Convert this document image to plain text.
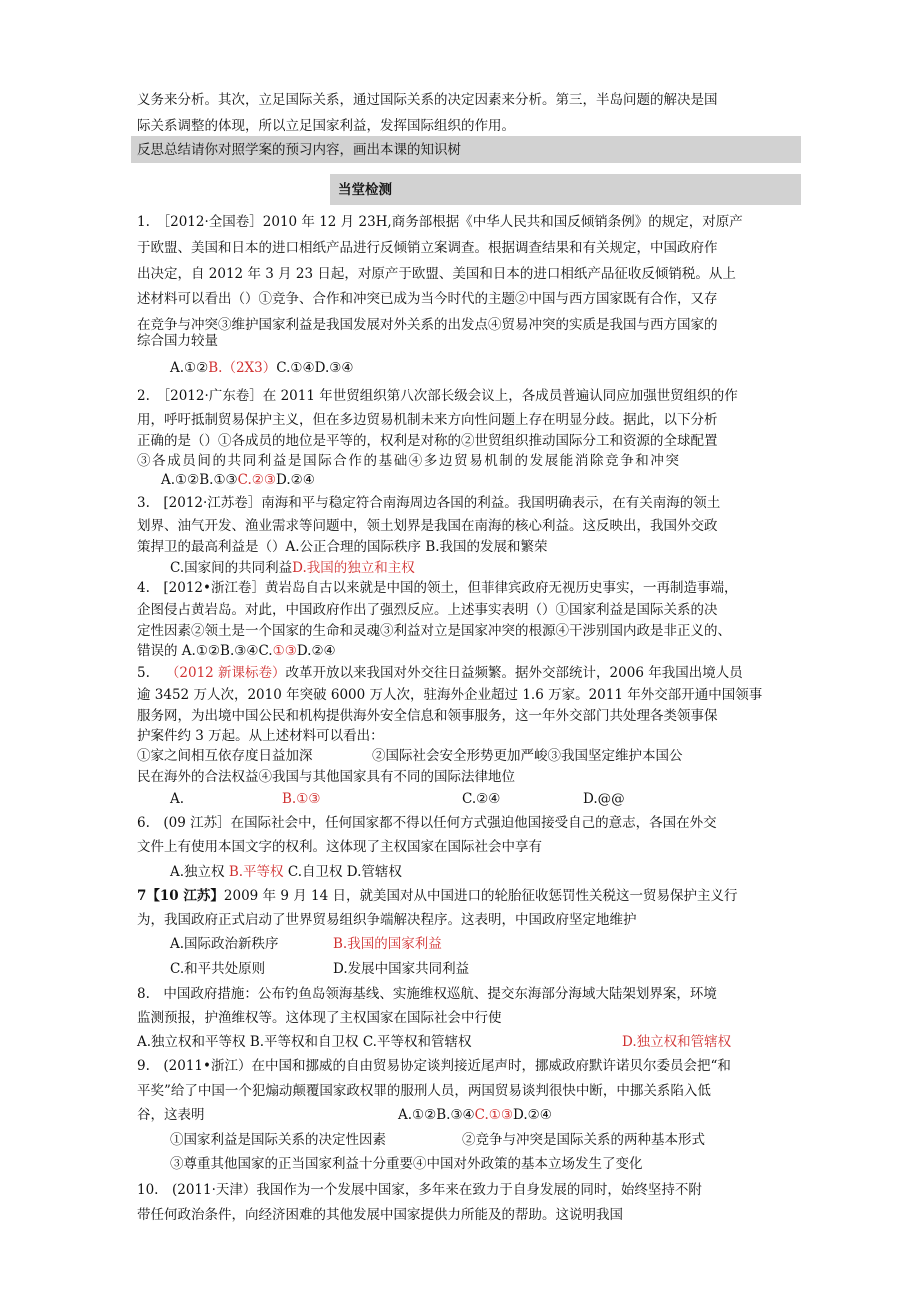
义务来分析。其次，立足国际关系，通过国际关系的决定因素来分析。第三，半岛问题的解决是国
际关系调整的体现，所以立足国家利益，发挥国际组织的作用。
反思总结请你对照学案的预习内容，画出本课的知识树
当堂检测
1.　［2012·全国卷］2010 年 12 月 23H,商务部根据《中华人民共和国反倾销条例》的规定，对原产
于欧盟、美国和日本的进口相纸产品进行反倾销立案调查。根据调查结果和有关规定，中国政府作
出决定，自 2012 年 3 月 23 日起，对原产于欧盟、美国和日本的进口相纸产品征收反倾销税。从上
述材料可以看出（）①竞争、合作和冲突已成为当今时代的主题②中国与西方国家既有合作，又存
在竞争与冲突③维护国家利益是我国发展对外关系的出发点④贸易冲突的实质是我国与西方国家的
综合国力较量
A.①②B.（2X3）C.①④D.③④
2.　［2012·广东卷］在 2011 年世贸组织第八次部长级会议上，各成员普遍认同应加强世贸组织的作
用，呼吁抵制贸易保护主义，但在多边贸易机制未来方向性问题上存在明显分歧。据此，以下分析
正确的是（）①各成员的地位是平等的，权利是对称的②世贸组织推动国际分工和资源的全球配置
③各成员间的共同利益是国际合作的基础④多边贸易机制的发展能消除竞争和冲突
A.①②B.①③C.②③D.②④
3.　[2012·江苏卷］南海和平与稳定符合南海周边各国的利益。我国明确表示，在有关南海的领土
划界、油气开发、渔业需求等问题中，领土划界是我国在南海的核心利益。这反映出，我国外交政
策捍卫的最高利益是（）A.公正合理的国际秩序 B.我国的发展和繁荣
C.国家间的共同利益D.我国的独立和主权
4.　[2012•浙江卷］黄岩岛自古以来就是中国的领土，但菲律宾政府无视历史事实，一再制造事端，
企图侵占黄岩岛。对此，中国政府作出了强烈反应。上述事实表明（）①国家利益是国际关系的决
定性因素②领土是一个国家的生命和灵魂③利益对立是国家冲突的根源④干涉别国内政是非正义的、
错误的 A.①②B.③④C.①③D.②④
5. （2012 新课标卷）改革开放以来我国对外交往日益频繁。据外交部统计，2006 年我国出境人员
逾 3452 万人次，2010 年突破 6000 万人次，驻海外企业超过 1.6 万家。2011 年外交部开通中国领事
服务网，为出境中国公民和机构提供海外安全信息和领事服务，这一年外交部门共处理各类领事保
护案件约 3 万起。从上述材料可以看出：
①家之间相互依存度日益加深	②国际社会安全形势更加严峻③我国坚定维护本国公
民在海外的合法权益④我国与其他国家具有不同的国际法律地位
A.	B.①③	C.②④	D.@@
6.　(09 江苏］在国际社会中，任何国家都不得以任何方式强迫他国接受自己的意志，各国在外交
文件上有使用本国文字的权利。这体现了主权国家在国际社会中享有
A.独立权 B.平等权 C.自卫权 D.管辖权
7【10 江苏】2009 年 9 月 14 日，就美国对从中国进口的轮胎征收惩罚性关税这一贸易保护主义行
为，我国政府正式启动了世界贸易组织争端解决程序。这表明，中国政府坚定地维护
A.国际政治新秩序	B.我国的国家利益
C.和平共处原则	D.发展中国家共同利益
8.　中国政府措施：公布钓鱼岛领海基线、实施维权巡航、提交东海部分海域大陆架划界案，环境
监测预报，护渔维权等。这体现了主权国家在国际社会中行使
A.独立权和平等权 B.平等权和自卫权 C.平等权和管辖权	D.独立权和管辖权
9.　(2011•浙江）在中国和挪威的自由贸易协定谈判接近尾声时，挪威政府默许诺贝尔委员会把“和
平奖”给了中国一个犯煽动颠覆国家政权罪的服刑人员，两国贸易谈判很快中断，中挪关系陷入低
谷，这表明	A.①②B.③④C.①③D.②④
①国家利益是国际关系的决定性因素	②竞争与冲突是国际关系的两种基本形式
③尊重其他国家的正当国家利益十分重要④中国对外政策的基本立场发生了变化
10.　(2011·天津）我国作为一个发展中国家，多年来在致力于自身发展的同时，始终坚持不附
带任何政治条件，向经济困难的其他发展中国家提供力所能及的帮助。这说明我国
